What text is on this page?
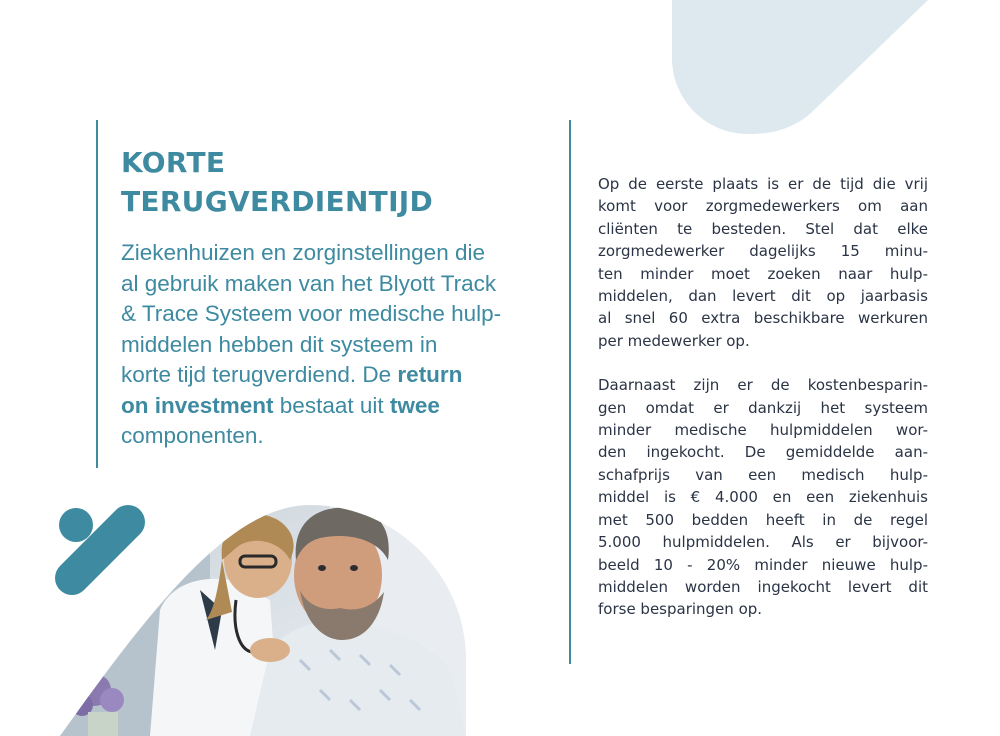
KORTE
TERUGVERDIENTIJD

Ziekenhuizen en zorginstellingen die
al gebruik maken van het Blyott Track
& Trace Systeem voor medische hulp-
middelen hebben dit systeem in
korte tijd terugverdiend. De return
on investment bestaat uit twee
componenten.

Op de eerste plaats is er de tijd die vrij
komt voor zorgmedewerkers om aan
cliënten te besteden. Stel dat elke
zorgmedewerker dagelijks 15 minu-
ten minder moet zoeken naar hulp-
middelen, dan levert dit op jaarbasis
al snel 60 extra beschikbare werkuren
per medewerker op.

Daarnaast zijn er de kostenbesparin-
gen omdat er dankzij het systeem
minder medische hulpmiddelen wor-
den ingekocht. De gemiddelde aan-
schafprijs van een medisch hulp-
middel is € 4.000 en een ziekenhuis
met 500 bedden heeft in de regel
5.000 hulpmiddelen. Als er bijvoor-
beeld 10 - 20% minder nieuwe hulp-
middelen worden ingekocht levert dit
forse besparingen op.
